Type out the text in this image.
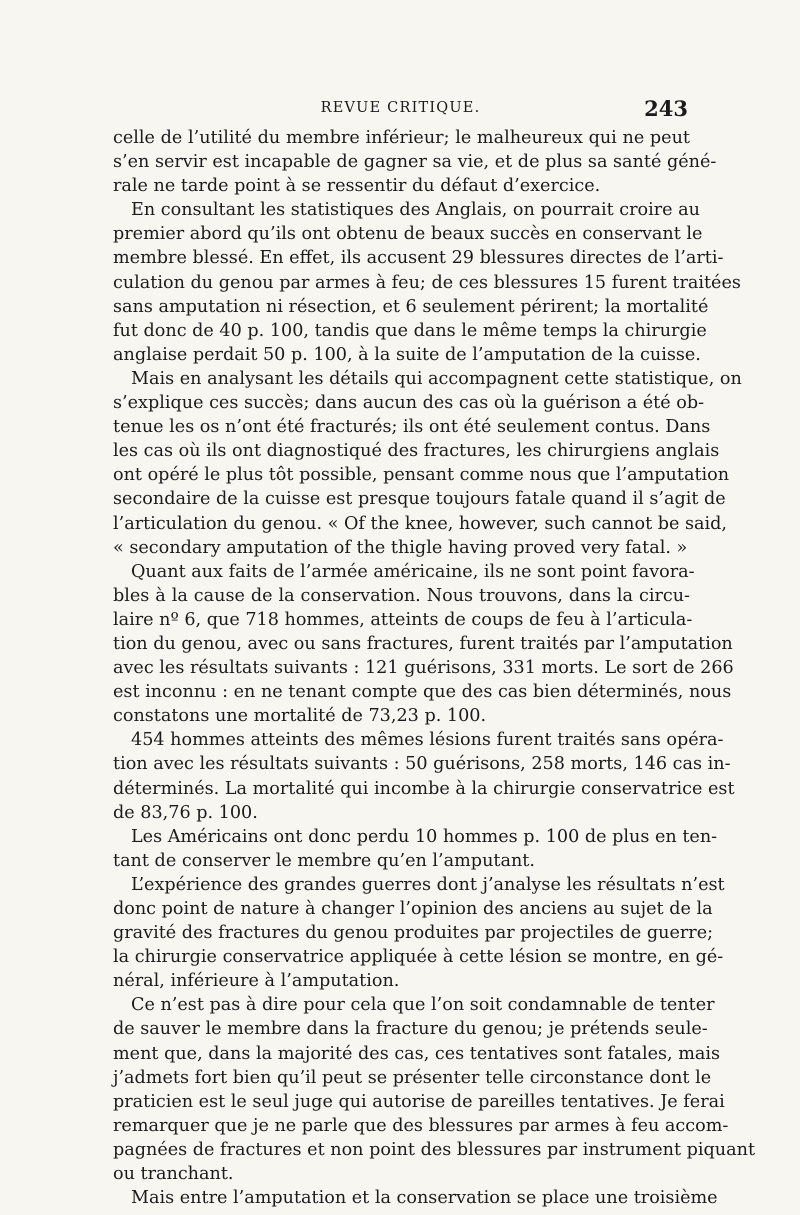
REVUE CRITIQUE.	243
celle de l’utilité du membre inférieur; le malheureux qui ne peut
s’en servir est incapable de gagner sa vie, et de plus sa santé géné-
rale ne tarde point à se ressentir du défaut d’exercice.
En consultant les statistiques des Anglais, on pourrait croire au
premier abord qu’ils ont obtenu de beaux succès en conservant le
membre blessé. En effet, ils accusent 29 blessures directes de l’arti-
culation du genou par armes à feu; de ces blessures 15 furent traitées
sans amputation ni résection, et 6 seulement périrent; la mortalité
fut donc de 40 p. 100, tandis que dans le même temps la chirurgie
anglaise perdait 50 p. 100, à la suite de l’amputation de la cuisse.
Mais en analysant les détails qui accompagnent cette statistique, on
s’explique ces succès; dans aucun des cas où la guérison a été ob-
tenue les os n’ont été fracturés; ils ont été seulement contus. Dans
les cas où ils ont diagnostiqué des fractures, les chirurgiens anglais
ont opéré le plus tôt possible, pensant comme nous que l’amputation
secondaire de la cuisse est presque toujours fatale quand il s’agit de
l’articulation du genou. « Of the knee, however, such cannot be said,
« secondary amputation of the thigle having proved very fatal. »
Quant aux faits de l’armée américaine, ils ne sont point favora-
bles à la cause de la conservation. Nous trouvons, dans la circu-
laire nº 6, que 718 hommes, atteints de coups de feu à l’articula-
tion du genou, avec ou sans fractures, furent traités par l’amputation
avec les résultats suivants : 121 guérisons, 331 morts. Le sort de 266
est inconnu : en ne tenant compte que des cas bien déterminés, nous
constatons une mortalité de 73,23 p. 100.
454 hommes atteints des mêmes lésions furent traités sans opéra-
tion avec les résultats suivants : 50 guérisons, 258 morts, 146 cas in-
déterminés. La mortalité qui incombe à la chirurgie conservatrice est
de 83,76 p. 100.
Les Américains ont donc perdu 10 hommes p. 100 de plus en ten-
tant de conserver le membre qu’en l’amputant.
L’expérience des grandes guerres dont j’analyse les résultats n’est
donc point de nature à changer l’opinion des anciens au sujet de la
gravité des fractures du genou produites par projectiles de guerre;
la chirurgie conservatrice appliquée à cette lésion se montre, en gé-
néral, inférieure à l’amputation.
Ce n’est pas à dire pour cela que l’on soit condamnable de tenter
de sauver le membre dans la fracture du genou; je prétends seule-
ment que, dans la majorité des cas, ces tentatives sont fatales, mais
j’admets fort bien qu’il peut se présenter telle circonstance dont le
praticien est le seul juge qui autorise de pareilles tentatives. Je ferai
remarquer que je ne parle que des blessures par armes à feu accom-
pagnées de fractures et non point des blessures par instrument piquant
ou tranchant.
Mais entre l’amputation et la conservation se place une troisième
